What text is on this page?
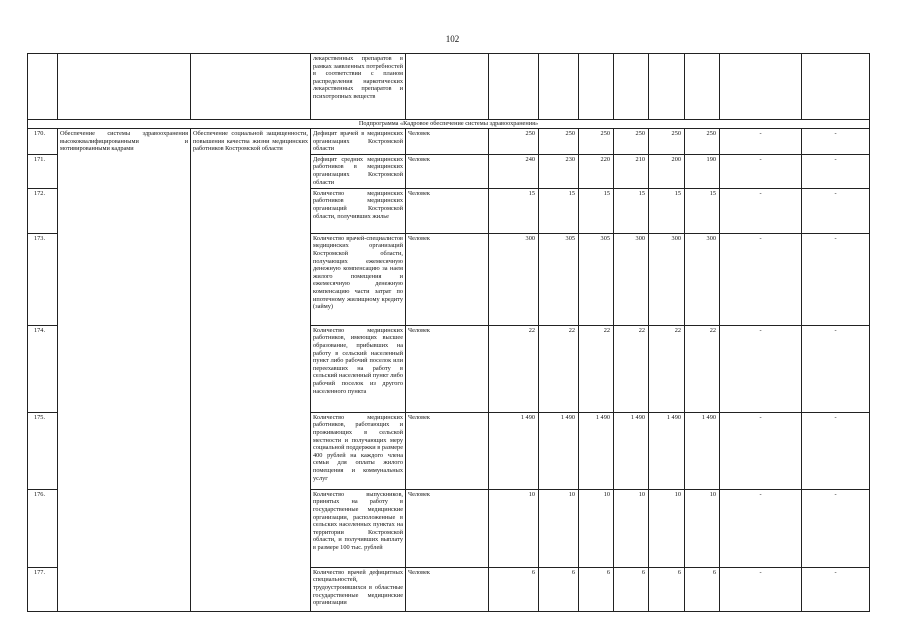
102
			лекарственных препаратов в рамках заявленных потребностей в соответствии с планом распределения наркотических лекарственных препаратов и психотропных веществ									
Подпрограмма «Кадровое обеспечение системы здравоохранения»												
170.	Обеспечение системы здравоохранения высококвалифицированными и мотивированными кадрами	Обеспечение социальной защищенности, повышения качества жизни медицинских работников Костромской области	Дефицит врачей в медицинских организациях Костромской области	Человек	250	250	250	250	250	250	-	-
171.			Дефицит средних медицинских работников в медицинских организациях Костромской области	Человек	240	230	220	210	200	190	-	-
172.			Количество медицинских работников медицинских организаций Костромской области, получивших жилье	Человек	15	15	15	15	15	15	-	-
173.			Количество врачей-специалистов медицинских организаций Костромской области, получающих ежемесячную денежную компенсацию за наем жилого помещения и ежемесячную денежную компенсацию части затрат по ипотечному жилищному кредиту (займу)	Человек	300	305	305	300	300	300	-	-
174.			Количество медицинских работников, имеющих высшее образование, прибывших на работу в сельский населенный пункт либо рабочий поселок или переехавших на работу в сельский населенный пункт либо рабочий поселок из другого населенного пункта	Человек	22	22	22	22	22	22	-	-
175.			Количество медицинских работников, работающих и проживающих в сельской местности и получающих меру социальной поддержки в размере 400 рублей на каждого члена семьи для оплаты жилого помещения и коммунальных услуг	Человек	1 490	1 490	1 490	1 490	1 490	1 490	-	-
176.			Количество выпускников, принятых на работу в государственные медицинские организации, расположенные в сельских населенных пунктах на территории Костромской области, и получивших выплату в размере 100 тыс. рублей	Человек	10	10	10	10	10	10	-	-
177.			Количество врачей дефицитных специальностей, трудоустроившихся в областные государственные медицинские организации	Человек	6	6	6	6	6	6	-	-
